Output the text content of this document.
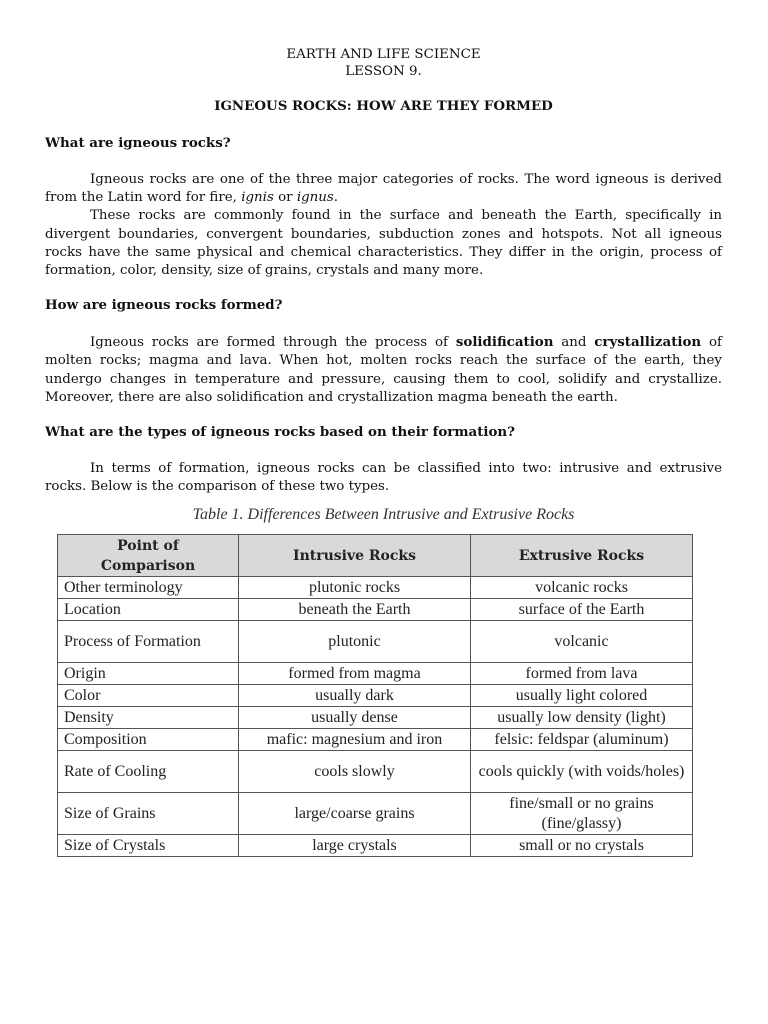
EARTH AND LIFE SCIENCE
LESSON 9.
IGNEOUS ROCKS: HOW ARE THEY FORMED
What are igneous rocks?

Igneous rocks are one of the three major categories of rocks. The word igneous is derived from the Latin word for fire, ignis or ignus.

These rocks are commonly found in the surface and beneath the Earth, specifically in divergent boundaries, convergent boundaries, subduction zones and hotspots. Not all igneous rocks have the same physical and chemical characteristics. They differ in the origin, process of formation, color, density, size of grains, crystals and many more.

How are igneous rocks formed?

Igneous rocks are formed through the process of solidification and crystallization of molten rocks; magma and lava. When hot, molten rocks reach the surface of the earth, they undergo changes in temperature and pressure, causing them to cool, solidify and crystallize. Moreover, there are also solidification and crystallization magma beneath the earth.

What are the types of igneous rocks based on their formation?

In terms of formation, igneous rocks can be classified into two: intrusive and extrusive rocks. Below is the comparison of these two types.

Table 1. Differences Between Intrusive and Extrusive Rocks
Point of Comparison	Intrusive Rocks	Extrusive Rocks
Other terminology	plutonic rocks	volcanic rocks
Location	beneath the Earth	surface of the Earth
Process of Formation	plutonic	volcanic
Origin	formed from magma	formed from lava
Color	usually dark	usually light colored
Density	usually dense	usually low density (light)
Composition	mafic: magnesium and iron	felsic: feldspar (aluminum)
Rate of Cooling	cools slowly	cools quickly (with voids/holes)
Size of Grains	large/coarse grains	fine/small or no grains (fine/glassy)
Size of Crystals	large crystals	small or no crystals
